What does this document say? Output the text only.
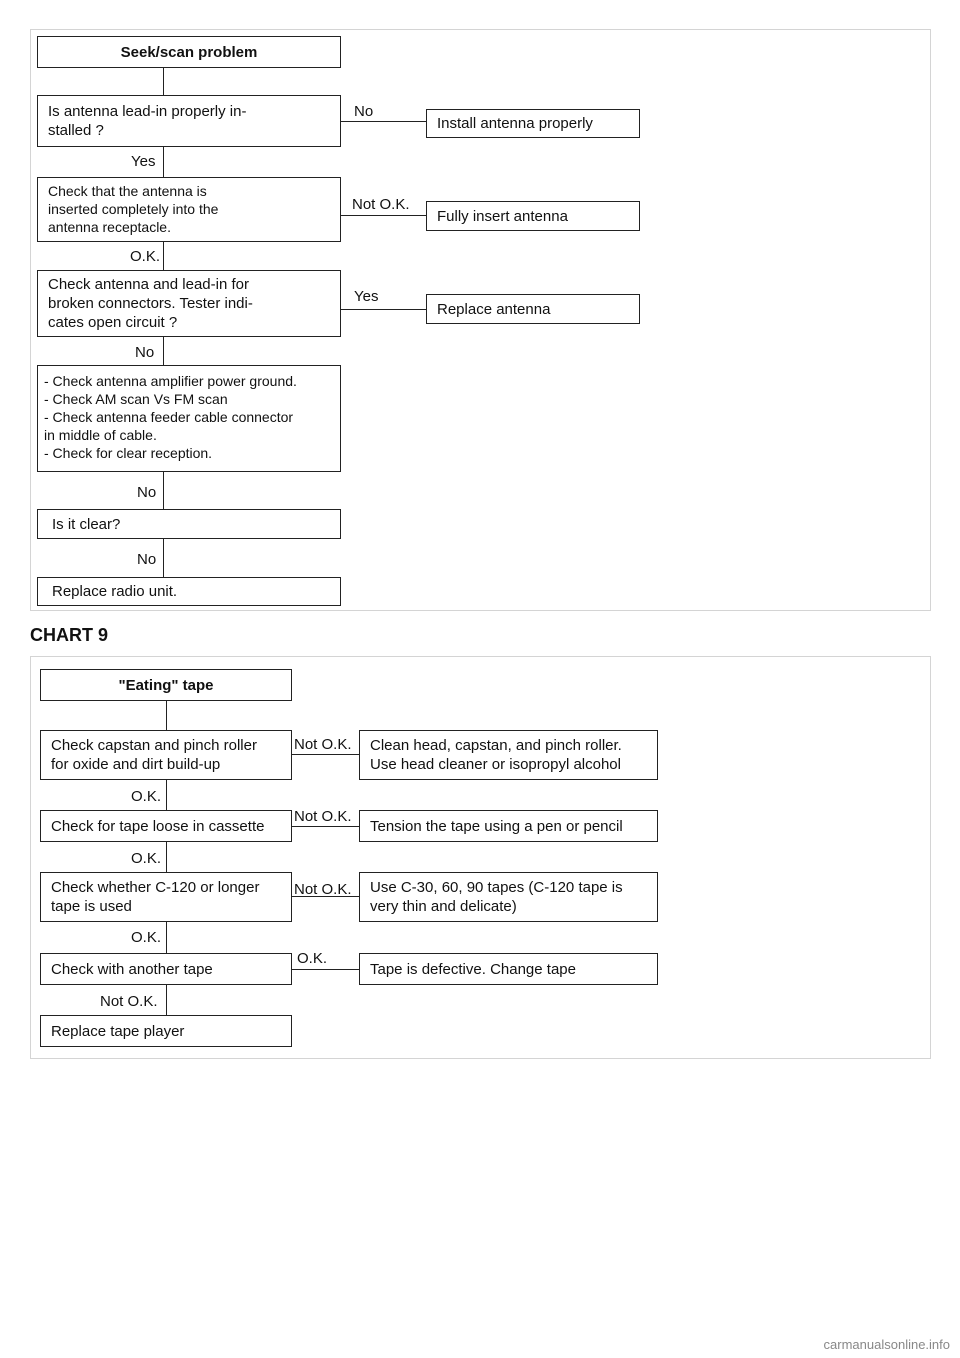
Seek/scan problem
Is antenna lead-in properly in-
stalled ?
No
Install antenna properly
Yes
Check that the antenna is
inserted completely into the
antenna receptacle.
Not O.K.
Fully insert antenna
O.K.
Check antenna and lead-in for
broken connectors. Tester indi-
cates open circuit ?
Yes
Replace antenna
No
- Check antenna amplifier power ground.
- Check AM scan Vs FM scan
- Check antenna feeder cable connector
in middle of cable.
- Check for clear reception.
No
Is it clear?
No
Replace radio unit.
CHART 9
"Eating" tape
Check capstan and pinch roller
for oxide and dirt build-up
Not O.K.	Clean head, capstan, and pinch roller.
Use head cleaner or isopropyl alcohol
O.K.
Check for tape loose in cassette
Not O.K.
Tension the tape using a pen or pencil
O.K.
Check whether C-120 or longer
tape is used
Not O.K.	Use C-30, 60, 90 tapes (C-120 tape is
very thin and delicate)
O.K.
Check with another tape
O.K.
Tape is defective. Change tape
Not O.K.
Replace tape player
carmanualsonline.info
